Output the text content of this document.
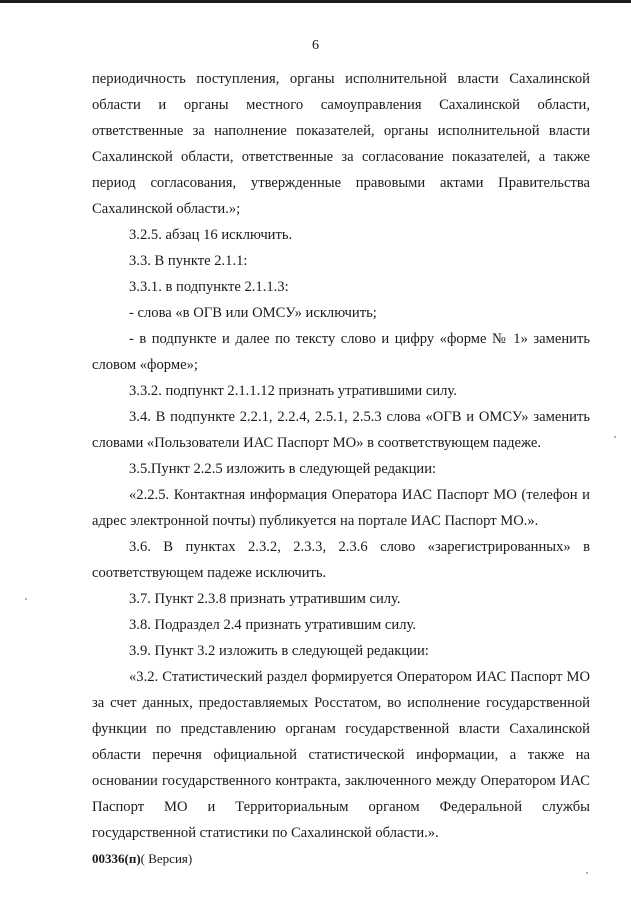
6

периодичность поступления, органы исполнительной власти Сахалинской области и органы местного самоуправления Сахалинской области, ответственные за наполнение показателей, органы исполнительной власти Сахалинской области, ответственные за согласование показателей, а также период согласования, утвержденные правовыми актами Правительства Сахалинской области.»;

3.2.5. абзац 16 исключить.

3.3. В пункте 2.1.1:

3.3.1. в подпункте 2.1.1.3:

- слова «в ОГВ или ОМСУ» исключить;

- в подпункте и далее по тексту слово и цифру «форме № 1» заменить словом «форме»;

3.3.2. подпункт 2.1.1.12 признать утратившими силу.

3.4. В подпункте 2.2.1, 2.2.4, 2.5.1, 2.5.3 слова «ОГВ и ОМСУ» заменить словами «Пользователи ИАС Паспорт МО» в соответствующем падеже.

3.5.Пункт 2.2.5 изложить в следующей редакции:

«2.2.5. Контактная информация Оператора ИАС Паспорт МО (телефон и адрес электронной почты) публикуется на портале ИАС Паспорт МО.».

3.6. В пунктах 2.3.2, 2.3.3, 2.3.6 слово «зарегистрированных» в соответствующем падеже исключить.

3.7. Пункт 2.3.8 признать утратившим силу.

3.8. Подраздел 2.4 признать утратившим силу.

3.9. Пункт 3.2 изложить в следующей редакции:

«3.2. Статистический раздел формируется Оператором ИАС Паспорт МО за счет данных, предоставляемых Росстатом, во исполнение государственной функции по представлению органам государственной власти Сахалинской области перечня официальной статистической информации, а также на основании государственного контракта, заключенного между Оператором ИАС Паспорт МО и Территориальным органом Федеральной службы государственной статистики по Сахалинской области.».

00336(п)( Версия)
